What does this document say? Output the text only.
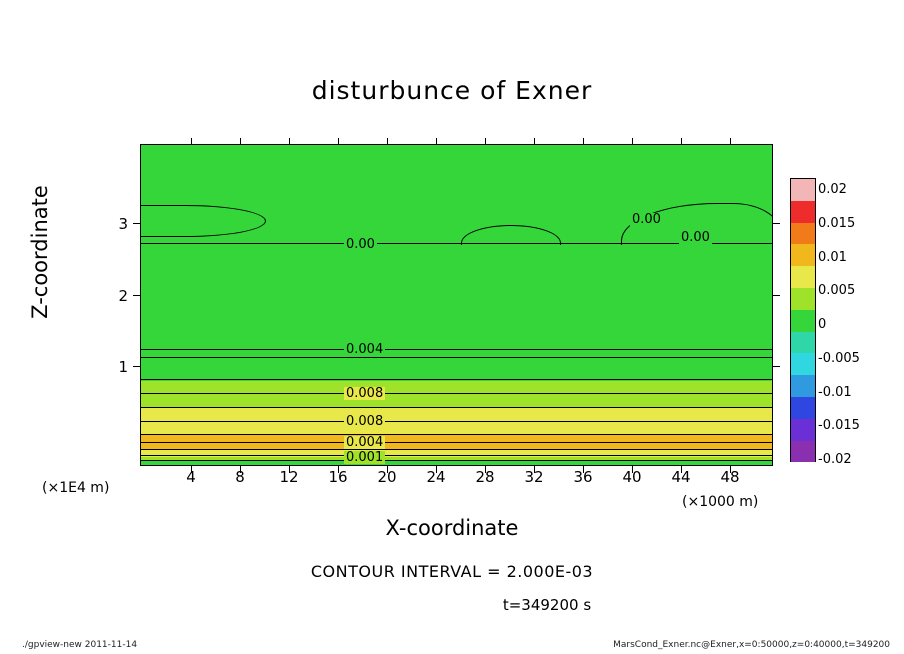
disturbunce of Exner
0.00
0.00
0.00
0.004
0.008
0.008
0.004
0.001
4	8	12	16	20	24	28	32	36	40	44	48
1
2
3
X-coordinate
Z-coordinate
(×1E4 m)
(×1000 m)
0.02
0.015
0.01
0.005
0
-0.005
-0.01
-0.015
-0.02
CONTOUR INTERVAL = 2.000E-03
t=349200 s
./gpview-new 2011-11-14	MarsCond_Exner.nc@Exner,x=0:50000,z=0:40000,t=349200
